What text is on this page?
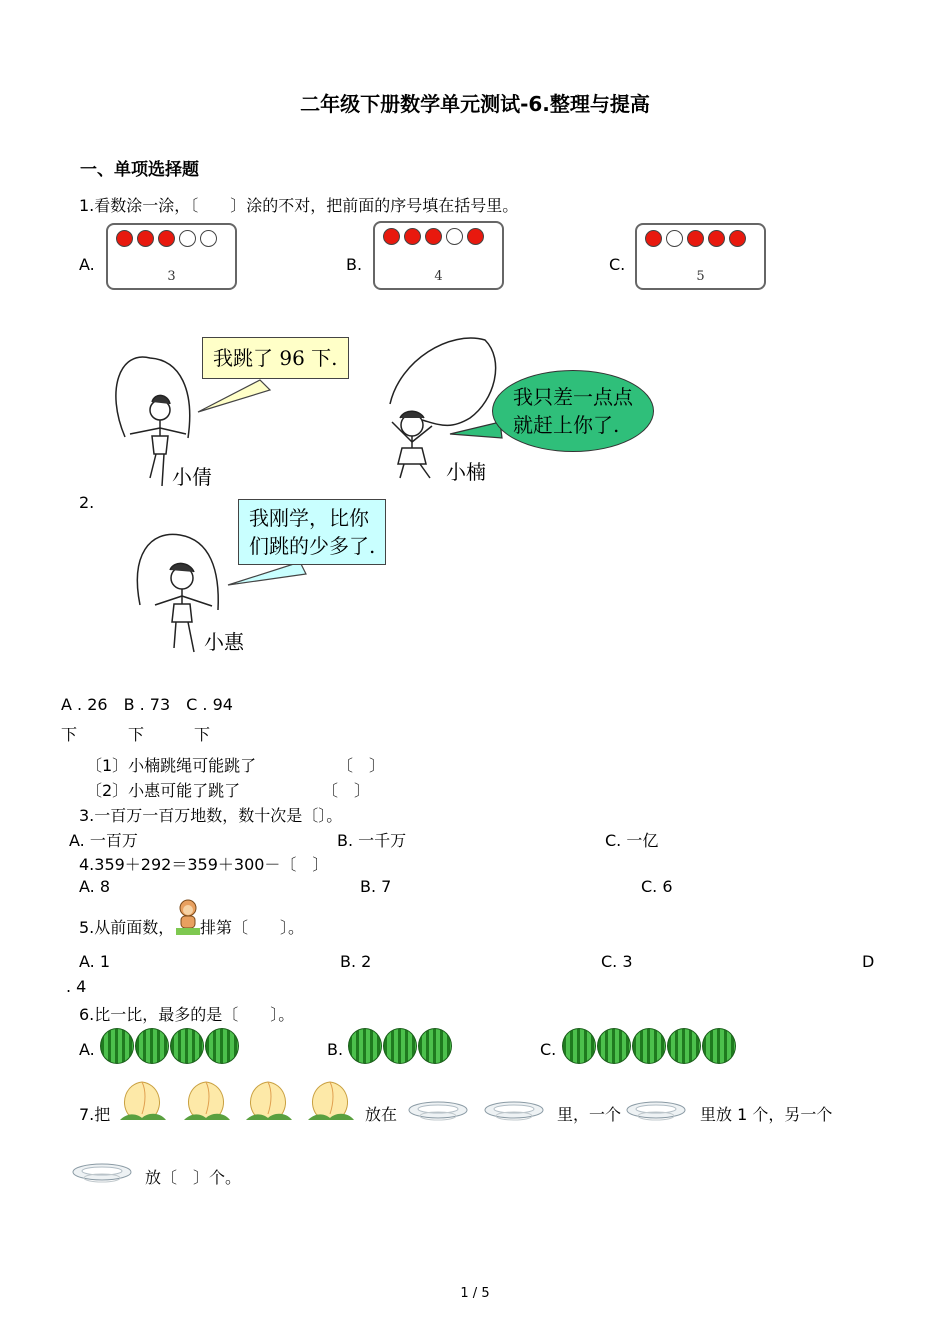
二年级下册数学单元测试-6.整理与提高
一、单项选择题
1.看数涂一涂，〔　　〕涂的不对，把前面的序号填在括号里。
A.
3
B.
4
C.
5
我跳了 96 下.
我只差一点点
就赶上你了.
我刚学，比你
们跳的少多了.
小倩	小楠
小惠
2.
A . 26　B . 73　C . 94
下	下	下
〔1〕小楠跳绳可能跳了	〔　〕
〔2〕小惠可能了跳了	〔　〕
3.一百万一百万地数，数十次是〔〕。
A. 一百万	B. 一千万	C. 一亿
4.359＋292＝359＋300－〔　〕
A. 8	B. 7	C. 6
5.从前面数， 排第〔　　〕。
A. 1	B. 2	C. 3	D
. 4
6.比一比，最多的是〔　　〕。
A.	B.	C.
7.把	放在	里，一个	里放 1 个，另一个
放〔　〕个。
1 / 5
